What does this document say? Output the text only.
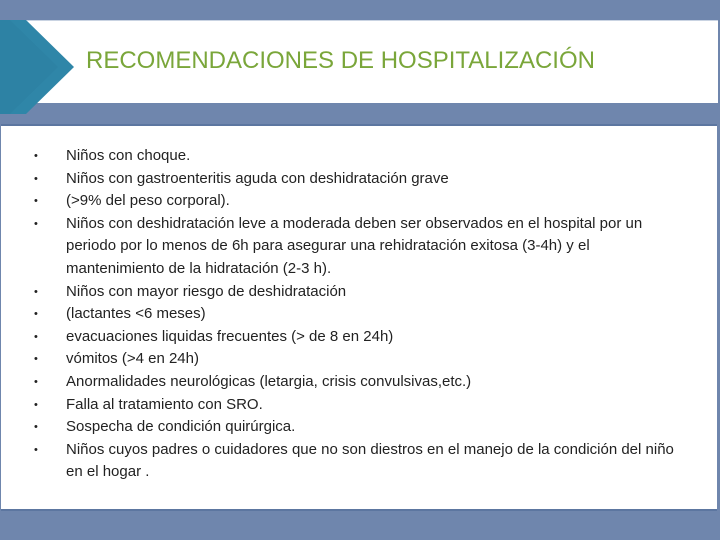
RECOMENDACIONES DE HOSPITALIZACIÓN
• Niños con choque.
• Niños con gastroenteritis aguda con deshidratación grave
• (>9% del peso corporal).
• Niños con deshidratación leve a moderada deben ser observados en el hospital por un periodo por lo menos de 6h para asegurar una rehidratación exitosa (3-4h) y el mantenimiento de la hidratación (2-3 h).
• Niños con mayor riesgo de deshidratación
• (lactantes <6 meses)
• evacuaciones liquidas frecuentes (> de 8 en 24h)
• vómitos (>4 en 24h)
• Anormalidades neurológicas (letargia, crisis convulsivas,etc.)
• Falla al tratamiento con SRO.
• Sospecha de condición quirúrgica.
• Niños cuyos padres o cuidadores que no son diestros en el manejo de la condición del niño en el hogar .
